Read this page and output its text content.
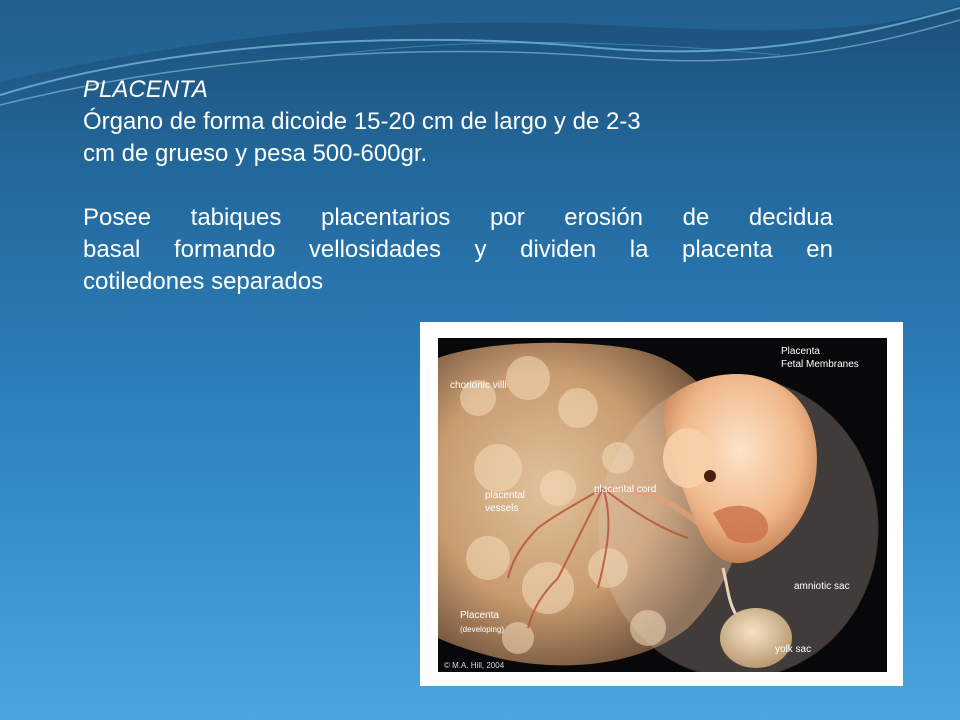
PLACENTA

Órgano de forma dicoide 15-20 cm de largo y de 2-3

cm de grueso y pesa 500-600gr.

Posee tabiques placentarios por erosión de decidua

basal formando vellosidades y dividen la placenta en

cotiledones separados

Placenta
Fetal Membranes
chorionic villi
placental
vessels
placental cord
amniotic sac
Placenta
(developing)
yolk sac
© M.A. Hill, 2004
